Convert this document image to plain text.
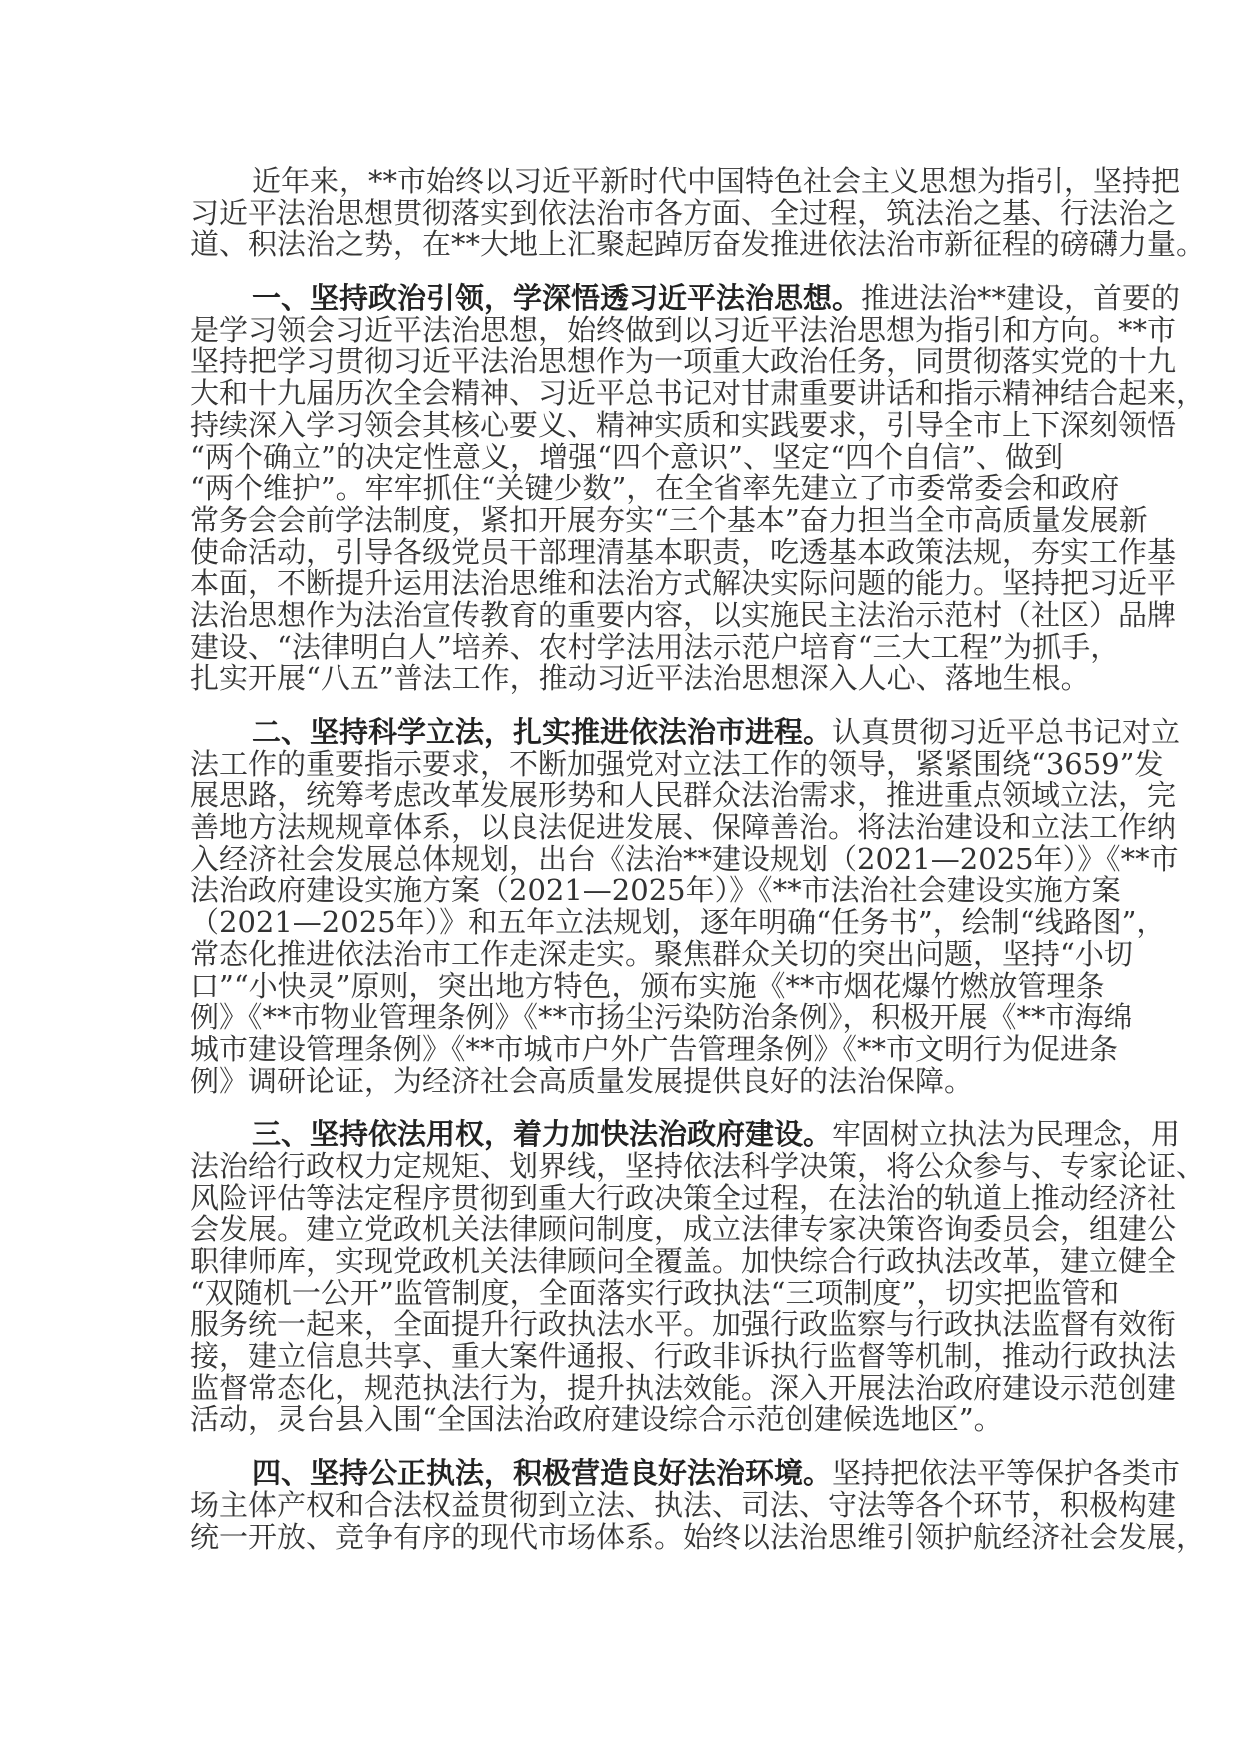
近年来，**市始终以习近平新时代中国特色社会主义思想为指引，坚持把
习近平法治思想贯彻落实到依法治市各方面、全过程，筑法治之基、行法治之
道、积法治之势，在**大地上汇聚起踔厉奋发推进依法治市新征程的磅礴力量。
一、坚持政治引领，学深悟透习近平法治思想。推进法治**建设，首要的
是学习领会习近平法治思想，始终做到以习近平法治思想为指引和方向。**市
坚持把学习贯彻习近平法治思想作为一项重大政治任务，同贯彻落实党的十九
大和十九届历次全会精神、习近平总书记对甘肃重要讲话和指示精神结合起来，
持续深入学习领会其核心要义、精神实质和实践要求，引导全市上下深刻领悟
“两个确立”的决定性意义，增强“四个意识”、坚定“四个自信”、做到
“两个维护”。牢牢抓住“关键少数”，在全省率先建立了市委常委会和政府
常务会会前学法制度，紧扣开展夯实“三个基本”奋力担当全市高质量发展新
使命活动，引导各级党员干部理清基本职责，吃透基本政策法规，夯实工作基
本面，不断提升运用法治思维和法治方式解决实际问题的能力。坚持把习近平
法治思想作为法治宣传教育的重要内容，以实施民主法治示范村（社区）品牌
建设、“法律明白人”培养、农村学法用法示范户培育“三大工程”为抓手，
扎实开展“八五”普法工作，推动习近平法治思想深入人心、落地生根。
二、坚持科学立法，扎实推进依法治市进程。认真贯彻习近平总书记对立
法工作的重要指示要求，不断加强党对立法工作的领导，紧紧围绕“3659”发
展思路，统筹考虑改革发展形势和人民群众法治需求，推进重点领域立法，完
善地方法规规章体系，以良法促进发展、保障善治。将法治建设和立法工作纳
入经济社会发展总体规划，出台《法治**建设规划（2021—2025年）》《**市
法治政府建设实施方案（2021—2025年）》《**市法治社会建设实施方案
（2021—2025年）》和五年立法规划，逐年明确“任务书”，绘制“线路图”，
常态化推进依法治市工作走深走实。聚焦群众关切的突出问题，坚持“小切
口”“小快灵”原则，突出地方特色，颁布实施《**市烟花爆竹燃放管理条
例》《**市物业管理条例》《**市扬尘污染防治条例》，积极开展《**市海绵
城市建设管理条例》《**市城市户外广告管理条例》《**市文明行为促进条
例》调研论证，为经济社会高质量发展提供良好的法治保障。
三、坚持依法用权，着力加快法治政府建设。牢固树立执法为民理念，用
法治给行政权力定规矩、划界线，坚持依法科学决策，将公众参与、专家论证、
风险评估等法定程序贯彻到重大行政决策全过程，在法治的轨道上推动经济社
会发展。建立党政机关法律顾问制度，成立法律专家决策咨询委员会，组建公
职律师库，实现党政机关法律顾问全覆盖。加快综合行政执法改革，建立健全
“双随机一公开”监管制度，全面落实行政执法“三项制度”，切实把监管和
服务统一起来，全面提升行政执法水平。加强行政监察与行政执法监督有效衔
接，建立信息共享、重大案件通报、行政非诉执行监督等机制，推动行政执法
监督常态化，规范执法行为，提升执法效能。深入开展法治政府建设示范创建
活动，灵台县入围“全国法治政府建设综合示范创建候选地区”。
四、坚持公正执法，积极营造良好法治环境。坚持把依法平等保护各类市
场主体产权和合法权益贯彻到立法、执法、司法、守法等各个环节，积极构建
统一开放、竞争有序的现代市场体系。始终以法治思维引领护航经济社会发展，
